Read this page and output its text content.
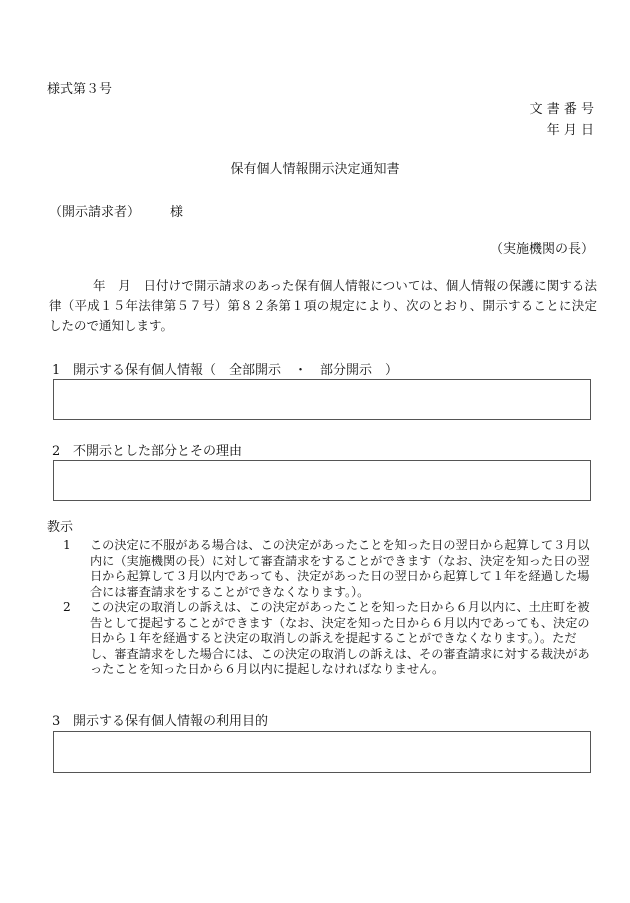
様式第３号
文 書 番 号
年 月 日
保有個人情報開示決定通知書
（開示請求者） 様
（実施機関の長）
年　月　日付けで開示請求のあった保有個人情報については、個人情報の保護に関する法律（平成１５年法律第５７号）第８２条第１項の規定により、次のとおり、開示することに決定したので通知します。
1 開示する保有個人情報（　全部開示　・　部分開示　）
2 不開示とした部分とその理由
教示
1	この決定に不服がある場合は、この決定があったことを知った日の翌日から起算して３月以内に（実施機関の長）に対して審査請求をすることができます（なお、決定を知った日の翌日から起算して３月以内であっても、決定があった日の翌日から起算して１年を経過した場合には審査請求をすることができなくなります。）。
2	この決定の取消しの訴えは、この決定があったことを知った日から６月以内に、土庄町を被告として提起することができます（なお、決定を知った日から６月以内であっても、決定の日から１年を経過すると決定の取消しの訴えを提起することができなくなります。）。ただし、審査請求をした場合には、この決定の取消しの訴えは、その審査請求に対する裁決があったことを知った日から６月以内に提起しなければなりません。
3 開示する保有個人情報の利用目的
